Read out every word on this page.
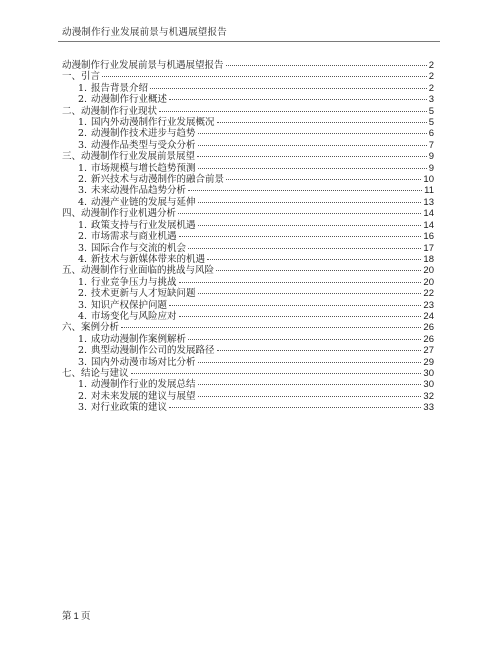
动漫制作行业发展前景与机遇展望报告
动漫制作行业发展前景与机遇展望报告	2
一、引言	2
1. 报告背景介绍	2
2. 动漫制作行业概述	3
二、动漫制作行业现状	5
1. 国内外动漫制作行业发展概况	5
2. 动漫制作技术进步与趋势	6
3. 动漫作品类型与受众分析	7
三、动漫制作行业发展前景展望	9
1. 市场规模与增长趋势预测	9
2. 新兴技术与动漫制作的融合前景	10
3. 未来动漫作品趋势分析	11
4. 动漫产业链的发展与延伸	13
四、动漫制作行业机遇分析	14
1. 政策支持与行业发展机遇	14
2. 市场需求与商业机遇	16
3. 国际合作与交流的机会	17
4. 新技术与新媒体带来的机遇	18
五、动漫制作行业面临的挑战与风险	20
1. 行业竞争压力与挑战	20
2. 技术更新与人才短缺问题	22
3. 知识产权保护问题	23
4. 市场变化与风险应对	24
六、案例分析	26
1. 成功动漫制作案例解析	26
2. 典型动漫制作公司的发展路径	27
3. 国内外动漫市场对比分析	29
七、结论与建议	30
1. 动漫制作行业的发展总结	30
2. 对未来发展的建议与展望	32
3. 对行业政策的建议	33
第 1 页
